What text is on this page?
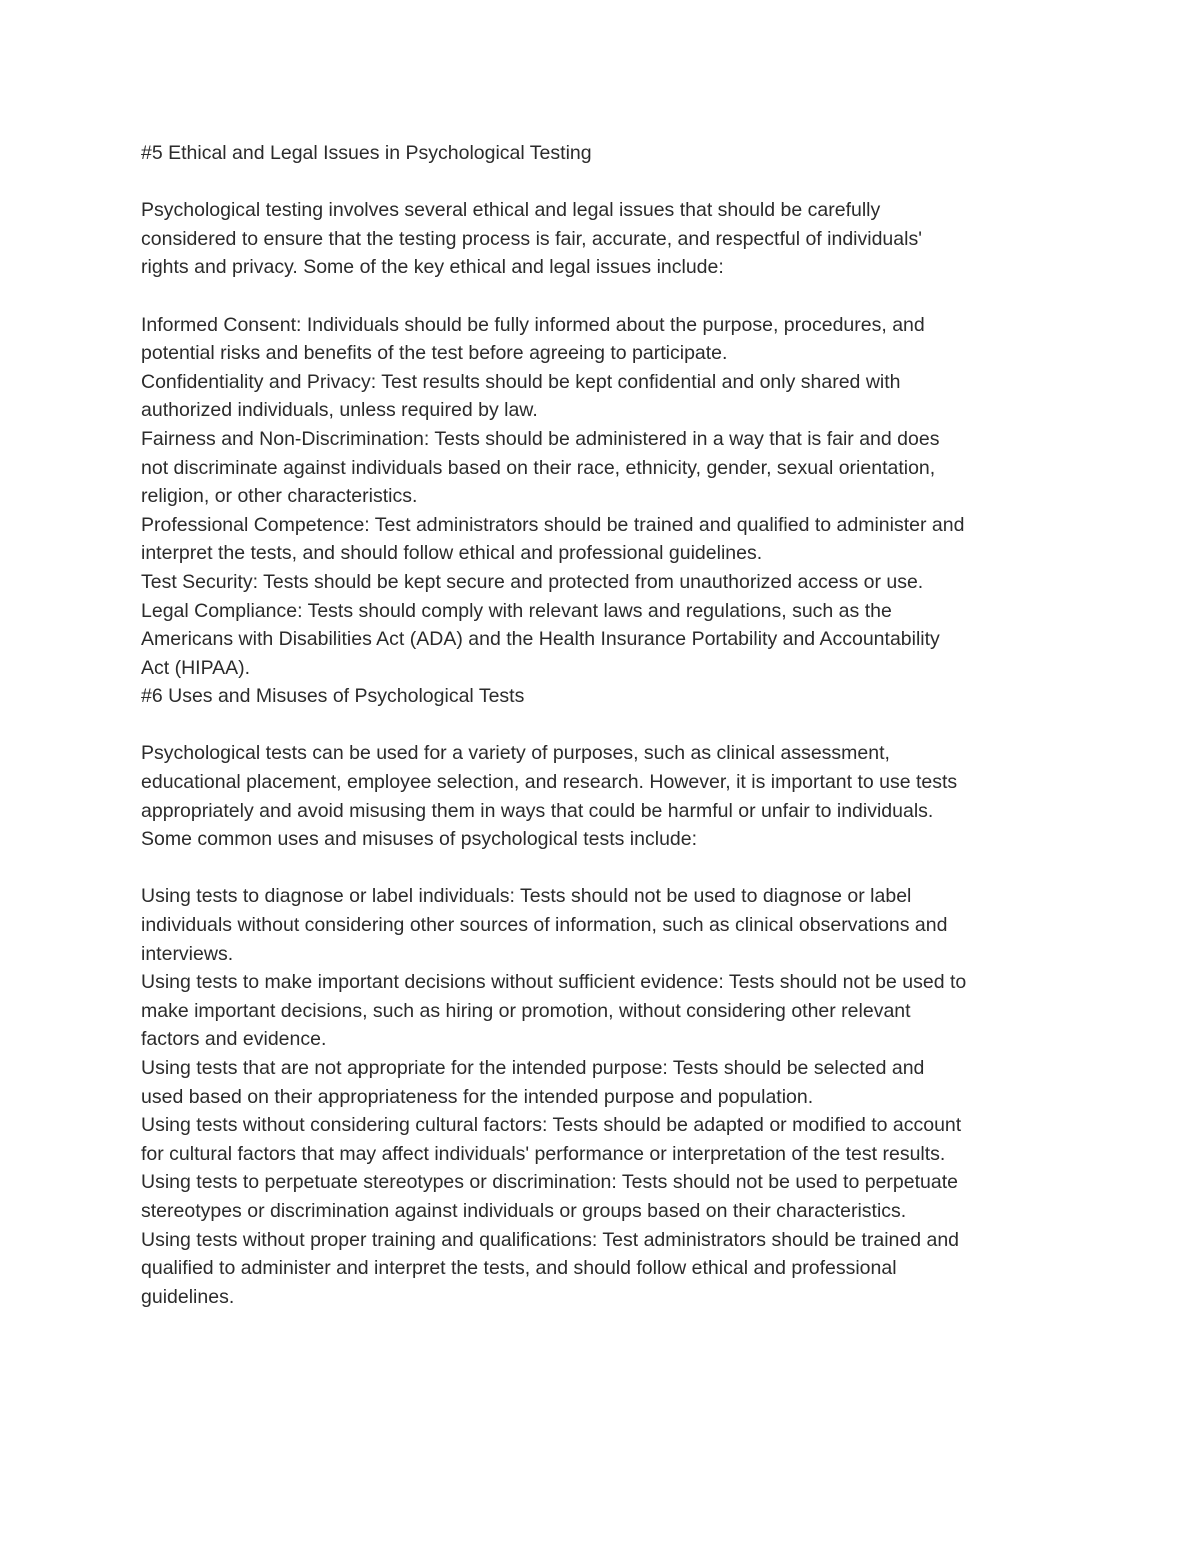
#5 Ethical and Legal Issues in Psychological Testing
Psychological testing involves several ethical and legal issues that should be carefully
considered to ensure that the testing process is fair, accurate, and respectful of individuals'
rights and privacy. Some of the key ethical and legal issues include:
Informed Consent: Individuals should be fully informed about the purpose, procedures, and
potential risks and benefits of the test before agreeing to participate.
Confidentiality and Privacy: Test results should be kept confidential and only shared with
authorized individuals, unless required by law.
Fairness and Non-Discrimination: Tests should be administered in a way that is fair and does
not discriminate against individuals based on their race, ethnicity, gender, sexual orientation,
religion, or other characteristics.
Professional Competence: Test administrators should be trained and qualified to administer and
interpret the tests, and should follow ethical and professional guidelines.
Test Security: Tests should be kept secure and protected from unauthorized access or use.
Legal Compliance: Tests should comply with relevant laws and regulations, such as the
Americans with Disabilities Act (ADA) and the Health Insurance Portability and Accountability
Act (HIPAA).
#6 Uses and Misuses of Psychological Tests
Psychological tests can be used for a variety of purposes, such as clinical assessment,
educational placement, employee selection, and research. However, it is important to use tests
appropriately and avoid misusing them in ways that could be harmful or unfair to individuals.
Some common uses and misuses of psychological tests include:
Using tests to diagnose or label individuals: Tests should not be used to diagnose or label
individuals without considering other sources of information, such as clinical observations and
interviews.
Using tests to make important decisions without sufficient evidence: Tests should not be used to
make important decisions, such as hiring or promotion, without considering other relevant
factors and evidence.
Using tests that are not appropriate for the intended purpose: Tests should be selected and
used based on their appropriateness for the intended purpose and population.
Using tests without considering cultural factors: Tests should be adapted or modified to account
for cultural factors that may affect individuals' performance or interpretation of the test results.
Using tests to perpetuate stereotypes or discrimination: Tests should not be used to perpetuate
stereotypes or discrimination against individuals or groups based on their characteristics.
Using tests without proper training and qualifications: Test administrators should be trained and
qualified to administer and interpret the tests, and should follow ethical and professional
guidelines.
